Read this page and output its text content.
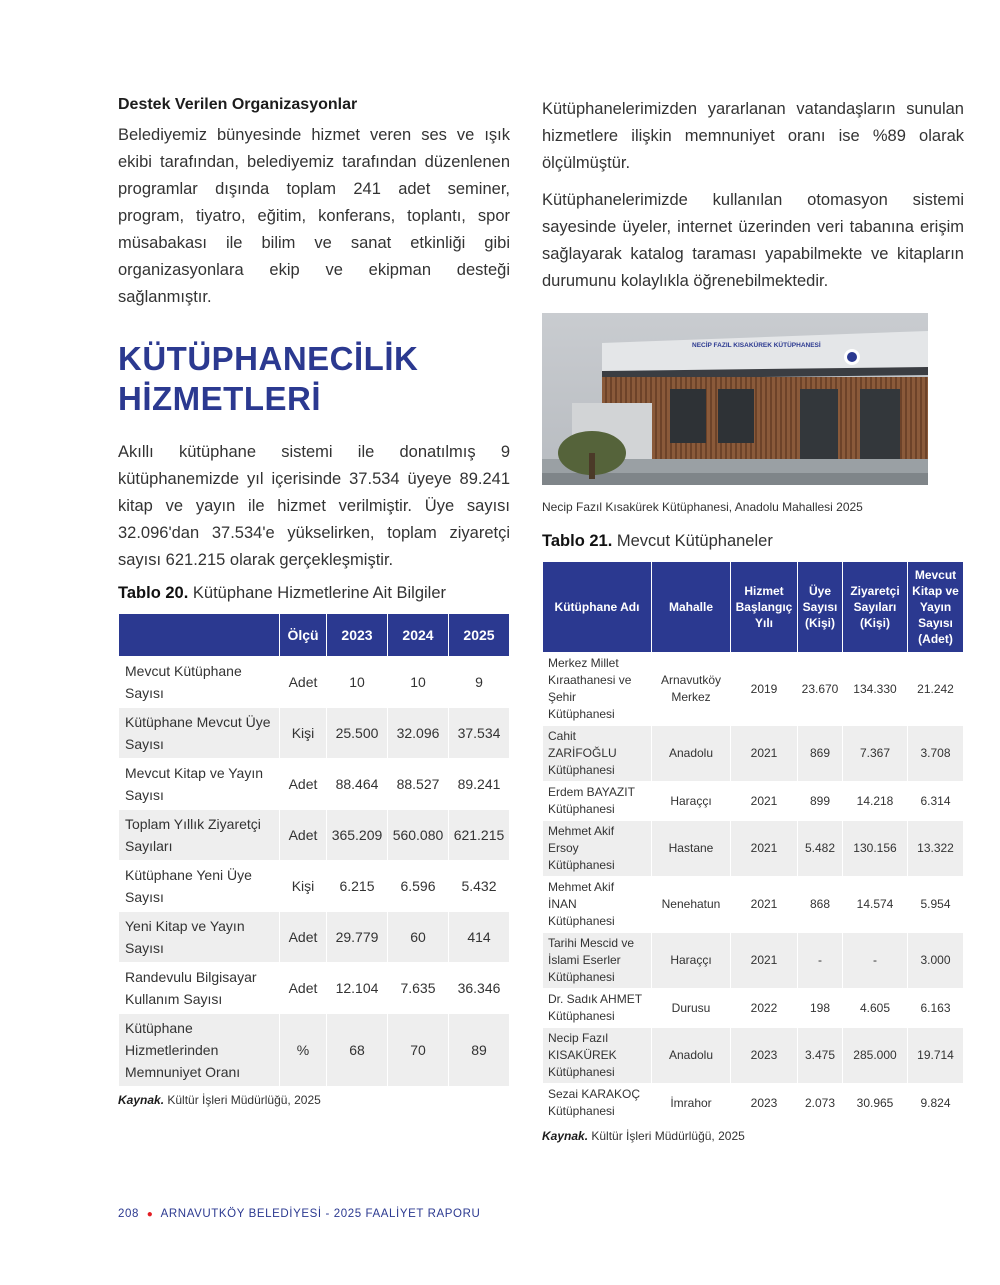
Destek Verilen Organizasyonlar

Belediyemiz bünyesinde hizmet veren ses ve ışık ekibi tarafından, belediyemiz tarafından düzenlenen programlar dışında toplam 241 adet seminer, program, tiyatro, eğitim, konferans, toplantı, spor müsabakası ile bilim ve sanat etkinliği gibi organizasyonlara ekip ve ekipman desteği sağlanmıştır.

KÜTÜPHANECİLİK
HİZMETLERİ

Akıllı kütüphane sistemi ile donatılmış 9 kütüphanemizde yıl içerisinde 37.534 üyeye 89.241 kitap ve yayın ile hizmet verilmiştir. Üye sayısı 32.096'dan 37.534'e yükselirken, toplam ziyaretçi sayısı 621.215 olarak gerçekleşmiştir.

Tablo 20. Kütüphane Hizmetlerine Ait Bilgiler
	Ölçü	2023	2024	2025
Mevcut Kütüphane Sayısı	Adet	10	10	9
Kütüphane Mevcut Üye Sayısı	Kişi	25.500	32.096	37.534
Mevcut Kitap ve Yayın Sayısı	Adet	88.464	88.527	89.241
Toplam Yıllık Ziyaretçi Sayıları	Adet	365.209	560.080	621.215
Kütüphane Yeni Üye Sayısı	Kişi	6.215	6.596	5.432
Yeni Kitap ve Yayın Sayısı	Adet	29.779	60	414
Randevulu Bilgisayar Kullanım Sayısı	Adet	12.104	7.635	36.346
Kütüphane Hizmetlerinden Memnuniyet Oranı	%	68	70	89
Kaynak. Kültür İşleri Müdürlüğü, 2025

Kütüphanelerimizden yararlanan vatandaşların sunulan hizmetlere ilişkin memnuniyet oranı ise %89 olarak ölçülmüştür.

Kütüphanelerimizde kullanılan otomasyon sistemi sayesinde üyeler, internet üzerinden veri tabanına erişim sağlayarak katalog taraması yapabilmekte ve kitapların durumunu kolaylıkla öğrenebilmektedir.

NECİP FAZIL KISAKÜREK KÜTÜPHANESİ
Necip Fazıl Kısakürek Kütüphanesi, Anadolu Mahallesi 2025
Tablo 21. Mevcut Kütüphaneler
Kütüphane Adı	Mahalle	Hizmet Başlangıç Yılı	Üye Sayısı (Kişi)	Ziyaretçi Sayıları (Kişi)	Mevcut Kitap ve Yayın Sayısı (Adet)
Merkez Millet Kıraathanesi ve Şehir Kütüphanesi	Arnavutköy Merkez	2019	23.670	134.330	21.242
Cahit ZARİFOĞLU Kütüphanesi	Anadolu	2021	869	7.367	3.708
Erdem BAYAZIT Kütüphanesi	Haraççı	2021	899	14.218	6.314
Mehmet Akif Ersoy Kütüphanesi	Hastane	2021	5.482	130.156	13.322
Mehmet Akif İNAN Kütüphanesi	Nenehatun	2021	868	14.574	5.954
Tarihi Mescid ve İslami Eserler Kütüphanesi	Haraççı	2021	-	-	3.000
Dr. Sadık AHMET Kütüphanesi	Durusu	2022	198	4.605	6.163
Necip Fazıl KISAKÜREK Kütüphanesi	Anadolu	2023	3.475	285.000	19.714
Sezai KARAKOÇ Kütüphanesi	İmrahor	2023	2.073	30.965	9.824
Kaynak. Kültür İşleri Müdürlüğü, 2025
208 ● ARNAVUTKÖY BELEDİYESİ - 2025 FAALİYET RAPORU
